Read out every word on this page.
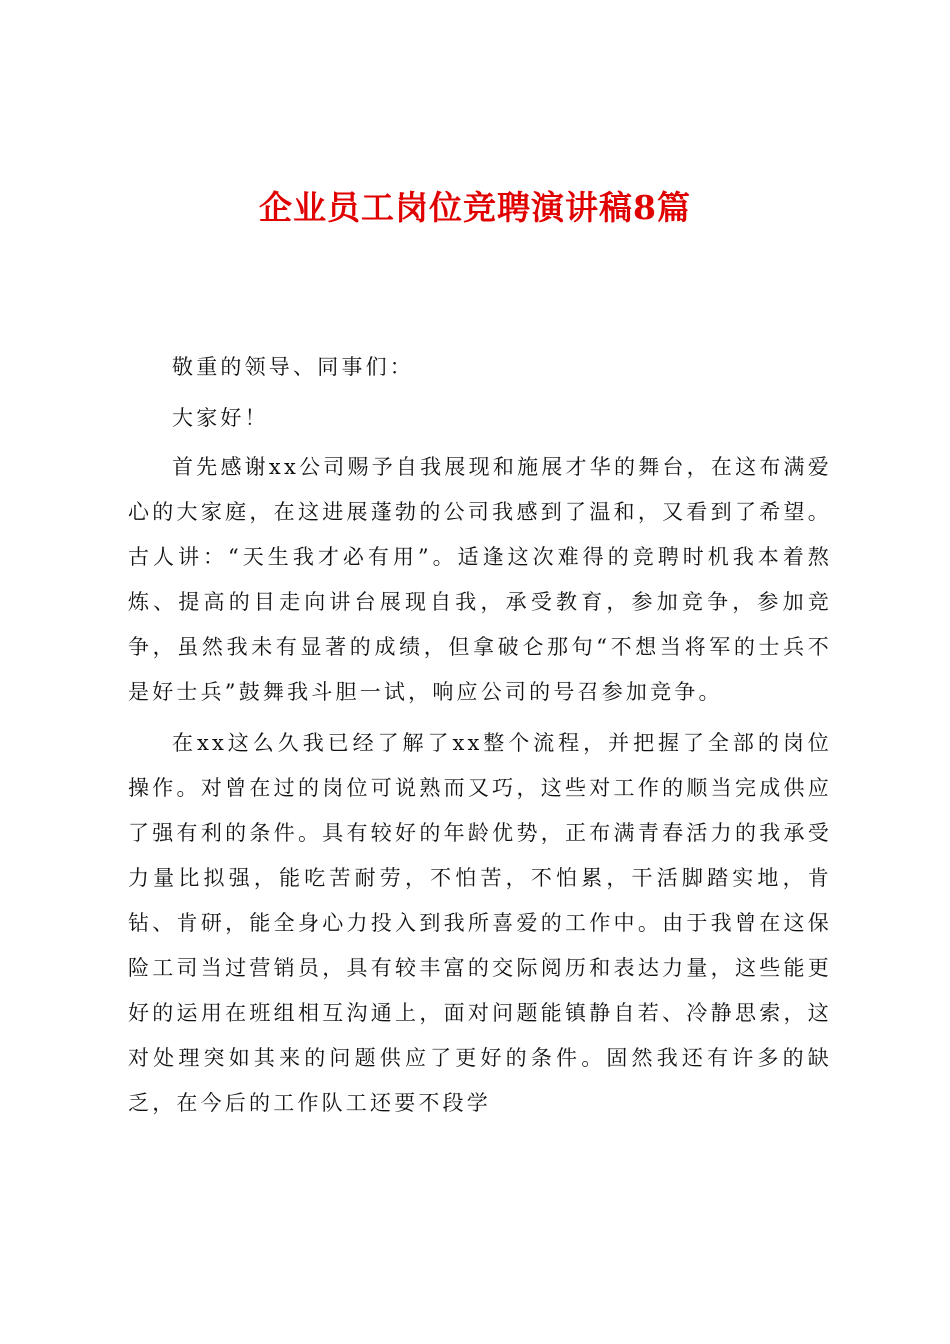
企业员工岗位竞聘演讲稿8篇

敬重的领导、同事们：

大家好！

首先感谢xx公司赐予自我展现和施展才华的舞台，在这布满爱心的大家庭，在这进展蓬勃的公司我感到了温和，又看到了希望。古人讲：“天生我才必有用”。适逢这次难得的竞聘时机我本着熬炼、提高的目走向讲台展现自我，承受教育，参加竞争，参加竞争，虽然我未有显著的成绩，但拿破仑那句“不想当将军的士兵不是好士兵”鼓舞我斗胆一试，响应公司的号召参加竞争。

在xx这么久我已经了解了xx整个流程，并把握了全部的岗位操作。对曾在过的岗位可说熟而又巧，这些对工作的顺当完成供应了强有利的条件。具有较好的年龄优势，正布满青春活力的我承受力量比拟强，能吃苦耐劳，不怕苦，不怕累，干活脚踏实地，肯钻、肯研，能全身心力投入到我所喜爱的工作中。由于我曾在这保险工司当过营销员，具有较丰富的交际阅历和表达力量，这些能更好的运用在班组相互沟通上，面对问题能镇静自若、冷静思索，这对处理突如其来的问题供应了更好的条件。固然我还有许多的缺乏，在今后的工作队工还要不段学
